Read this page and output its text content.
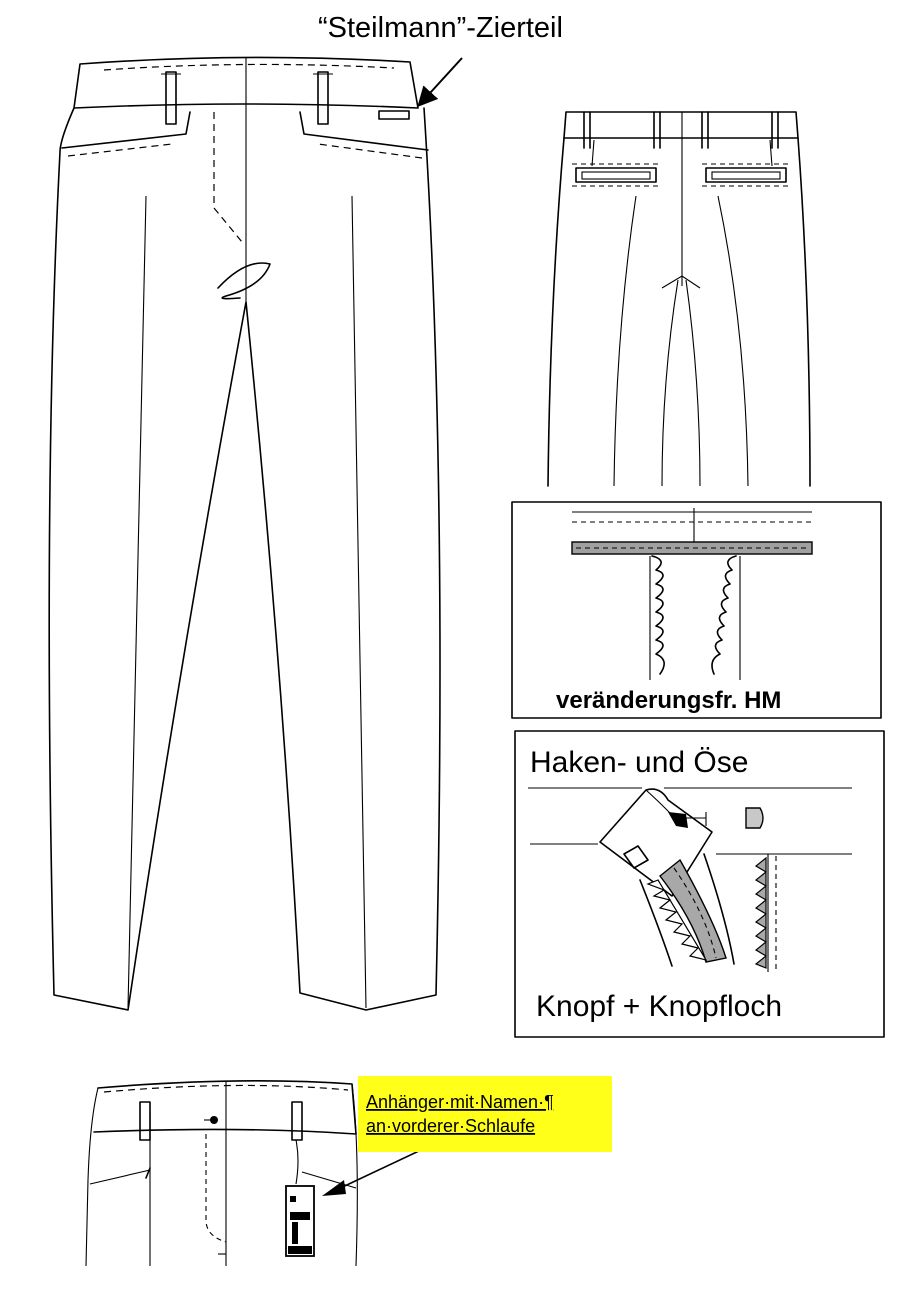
“Steilmann”-Zierteil
veränderungsfr. HM
Haken- und Öse
Knopf + Knopfloch
Anhänger·mit·Namen·¶
an·vorderer·Schlaufe
